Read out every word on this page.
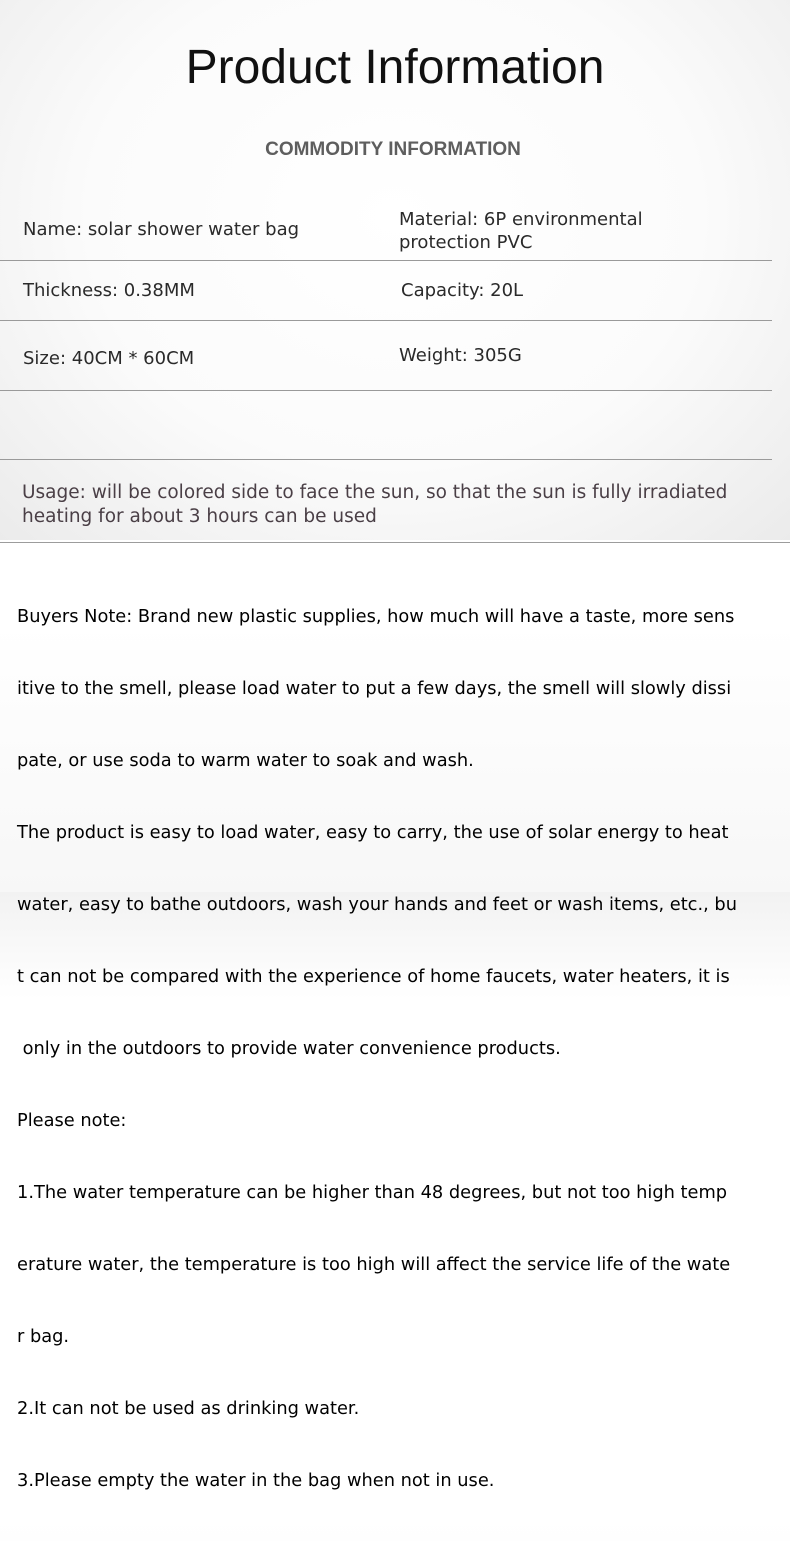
Product Information
COMMODITY INFORMATION
Name: solar shower water bag	Material: 6P environmental
protection PVC
Thickness: 0.38MM	Capacity: 20L
Size: 40CM * 60CM	Weight: 305G
Usage: will be colored side to face the sun, so that the sun is fully irradiated
heating for about 3 hours can be used

Buyers Note: Brand new plastic supplies, how much will have a taste, more sens

itive to the smell, please load water to put a few days, the smell will slowly dissi

pate, or use soda to warm water to soak and wash.

The product is easy to load water, easy to carry, the use of solar energy to heat

water, easy to bathe outdoors, wash your hands and feet or wash items, etc., bu

t can not be compared with the experience of home faucets, water heaters, it is

only in the outdoors to provide water convenience products.

Please note:

1.The water temperature can be higher than 48 degrees, but not too high temp

erature water, the temperature is too high will affect the service life of the wate

r bag.

2.It can not be used as drinking water.

3.Please empty the water in the bag when not in use.
